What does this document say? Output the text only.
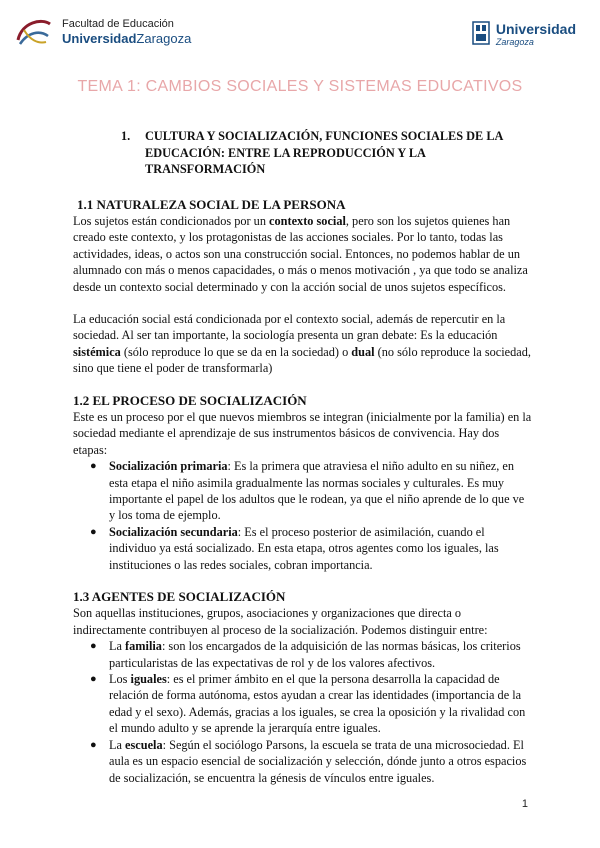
Facultad de Educación
UniversidadZaragoza
Universidad
Zaragoza
TEMA 1: CAMBIOS SOCIALES Y SISTEMAS EDUCATIVOS
1.	CULTURA Y SOCIALIZACIÓN, FUNCIONES SOCIALES DE LA EDUCACIÓN: ENTRE LA REPRODUCCIÓN Y LA TRANSFORMACIÓN
1.1 NATURALEZA SOCIAL DE LA PERSONA

Los sujetos están condicionados por un contexto social, pero son los sujetos quienes han creado este contexto, y los protagonistas de las acciones sociales. Por lo tanto, todas las actividades, ideas, o actos son una construcción social. Entonces, no podemos hablar de un alumnado con más o menos capacidades, o más o menos motivación , ya que todo se analiza desde un contexto social determinado y con la acción social de unos sujetos específicos.

La educación social está condicionada por el contexto social, además de repercutir en la sociedad. Al ser tan importante, la sociología presenta un gran debate: Es la educación sistémica (sólo reproduce lo que se da en la sociedad) o dual (no sólo reproduce la sociedad, sino que tiene el poder de transformarla)

1.2 EL PROCESO DE SOCIALIZACIÓN

Este es un proceso por el que nuevos miembros se integran (inicialmente por la familia) en la sociedad mediante el aprendizaje de sus instrumentos básicos de convivencia. Hay dos etapas:

● Socialización primaria: Es la primera que atraviesa el niño adulto en su niñez, en esta etapa el niño asimila gradualmente las normas sociales y culturales. Es muy importante el papel de los adultos que le rodean, ya que el niño aprende de lo que ve y los toma de ejemplo.
● Socialización secundaria: Es el proceso posterior de asimilación, cuando el individuo ya está socializado. En esta etapa, otros agentes como los iguales, las instituciones o las redes sociales, cobran importancia.
1.3 AGENTES DE SOCIALIZACIÓN

Son aquellas instituciones, grupos, asociaciones y organizaciones que directa o indirectamente contribuyen al proceso de la socialización. Podemos distinguir entre:

● La familia: son los encargados de la adquisición de las normas básicas, los criterios particularistas de las expectativas de rol y de los valores afectivos.
● Los iguales: es el primer ámbito en el que la persona desarrolla la capacidad de relación de forma autónoma, estos ayudan a crear las identidades (importancia de la edad y el sexo). Además, gracias a los iguales, se crea la oposición y la rivalidad con el mundo adulto y se aprende la jerarquía entre iguales.
● La escuela: Según el sociólogo Parsons, la escuela se trata de una microsociedad. El aula es un espacio esencial de socialización y selección, dónde junto a otros espacios de socialización, se encuentra la génesis de vínculos entre iguales.
1
